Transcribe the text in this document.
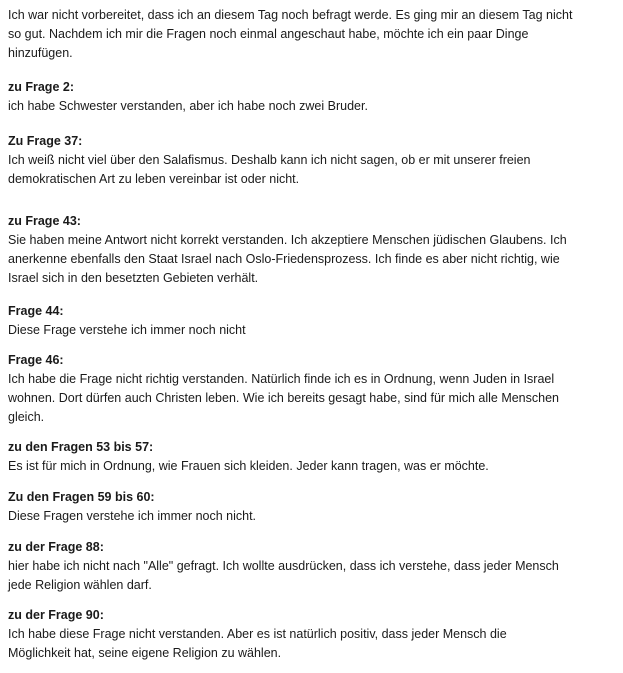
Ich war nicht vorbereitet, dass ich an diesem Tag noch befragt werde. Es ging mir an diesem Tag nicht
so gut. Nachdem ich mir die Fragen noch einmal angeschaut habe, möchte ich ein paar Dinge
hinzufügen.

zu Frage 2:

ich habe Schwester verstanden, aber ich habe noch zwei Bruder.

Zu Frage 37:

Ich weiß nicht viel über den Salafismus. Deshalb kann ich nicht sagen, ob er mit unserer freien
demokratischen Art zu leben vereinbar ist oder nicht.

zu Frage 43:

Sie haben meine Antwort nicht korrekt verstanden. Ich akzeptiere Menschen jüdischen Glaubens. Ich
anerkenne ebenfalls den Staat Israel nach Oslo-Friedensprozess. Ich finde es aber nicht richtig, wie
Israel sich in den besetzten Gebieten verhält.

Frage 44:

Diese Frage verstehe ich immer noch nicht

Frage 46:

Ich habe die Frage nicht richtig verstanden. Natürlich finde ich es in Ordnung, wenn Juden in Israel
wohnen. Dort dürfen auch Christen leben. Wie ich bereits gesagt habe, sind für mich alle Menschen
gleich.

zu den Fragen 53 bis 57:

Es ist für mich in Ordnung, wie Frauen sich kleiden. Jeder kann tragen, was er möchte.

Zu den Fragen 59 bis 60:

Diese Fragen verstehe ich immer noch nicht.

zu der Frage 88:

hier habe ich nicht nach "Alle" gefragt. Ich wollte ausdrücken, dass ich verstehe, dass jeder Mensch
jede Religion wählen darf.

zu der Frage 90:

Ich habe diese Frage nicht verstanden. Aber es ist natürlich positiv, dass jeder Mensch die
Möglichkeit hat, seine eigene Religion zu wählen.
